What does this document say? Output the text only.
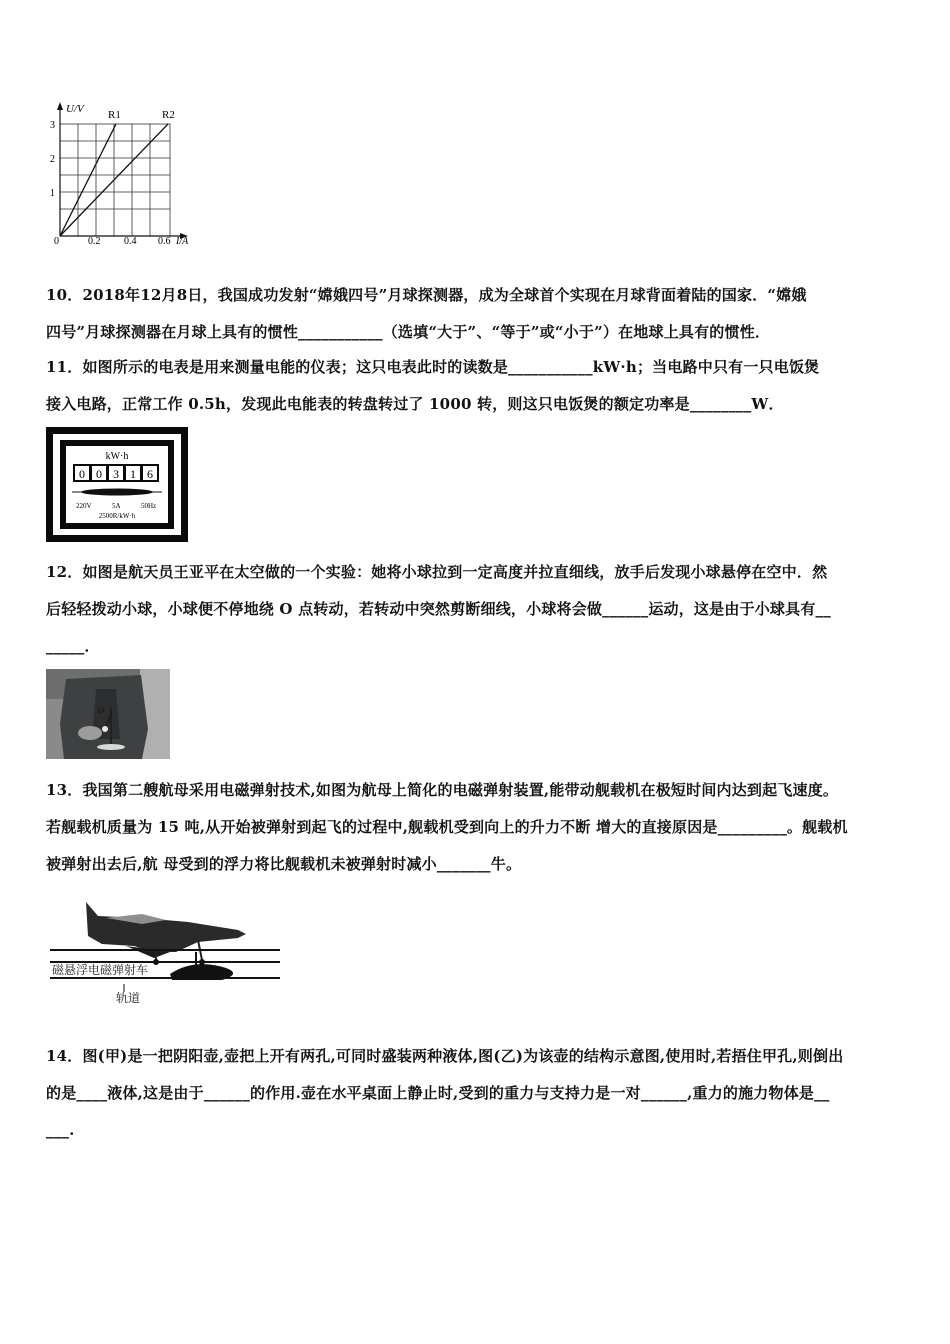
U/V R1	R2
3
2
1
0	0.2 0.4 0.6 I/A

10．2018年12月8日，我国成功发射“嫦娥四号”月球探测器，成为全球首个实现在月球背面着陆的国家．“嫦娥

四号”月球探测器在月球上具有的惯性___________（选填“大于”、“等于”或“小于”）在地球上具有的惯性．

11．如图所示的电表是用来测量电能的仪表；这只电表此时的读数是___________kW·h；当电路中只有一只电饭煲

接入电路，正常工作 0.5h，发现此电能表的转盘转过了 1000 转，则这只电饭煲的额定功率是________W．

kW·h
0 0 3 1 6
220V	5A	50Hz
2500R/kW·h

12．如图是航天员王亚平在太空做的一个实验：她将小球拉到一定高度并拉直细线，放手后发现小球悬停在空中．然

后轻轻拨动小球，小球便不停地绕 O 点转动，若转动中突然剪断细线，小球将会做______运动，这是由于小球具有__

_____．

O

13．我国第二艘航母采用电磁弹射技术,如图为航母上简化的电磁弹射装置,能带动舰载机在极短时间内达到起飞速度。

若舰载机质量为 15 吨,从开始被弹射到起飞的过程中,舰载机受到向上的升力不断 增大的直接原因是_________。舰载机

被弹射出去后,航 母受到的浮力将比舰载机未被弹射时减小_______牛。

磁悬浮电磁弹射车
轨道

14．图(甲)是一把阴阳壶,壶把上开有两孔,可同时盛装两种液体,图(乙)为该壶的结构示意图,使用时,若捂住甲孔,则倒出

的是____液体,这是由于______的作用.壶在水平桌面上静止时,受到的重力与支持力是一对______,重力的施力物体是__

___.
